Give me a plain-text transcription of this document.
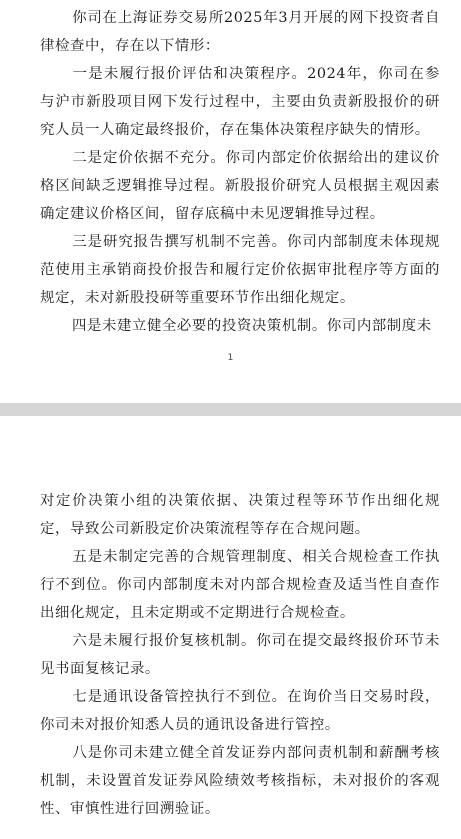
你司在上海证券交易所2025年3月开展的网下投资者自律检查中，存在以下情形：

一是未履行报价评估和决策程序。2024年，你司在参与沪市新股项目网下发行过程中，主要由负责新股报价的研究人员一人确定最终报价，存在集体决策程序缺失的情形。

二是定价依据不充分。你司内部定价依据给出的建议价格区间缺乏逻辑推导过程。新股报价研究人员根据主观因素确定建议价格区间，留存底稿中未见逻辑推导过程。

三是研究报告撰写机制不完善。你司内部制度未体现规范使用主承销商投价报告和履行定价依据审批程序等方面的规定，未对新股投研等重要环节作出细化规定。

四是未建立健全必要的投资决策机制。你司内部制度未

1

对定价决策小组的决策依据、决策过程等环节作出细化规定，导致公司新股定价决策流程等存在合规问题。

五是未制定完善的合规管理制度、相关合规检查工作执行不到位。你司内部制度未对内部合规检查及适当性自查作出细化规定，且未定期或不定期进行合规检查。

六是未履行报价复核机制。你司在提交最终报价环节未见书面复核记录。

七是通讯设备管控执行不到位。在询价当日交易时段，你司未对报价知悉人员的通讯设备进行管控。

八是你司未建立健全首发证券内部问责机制和薪酬考核机制，未设置首发证券风险绩效考核指标，未对报价的客观性、审慎性进行回溯验证。
